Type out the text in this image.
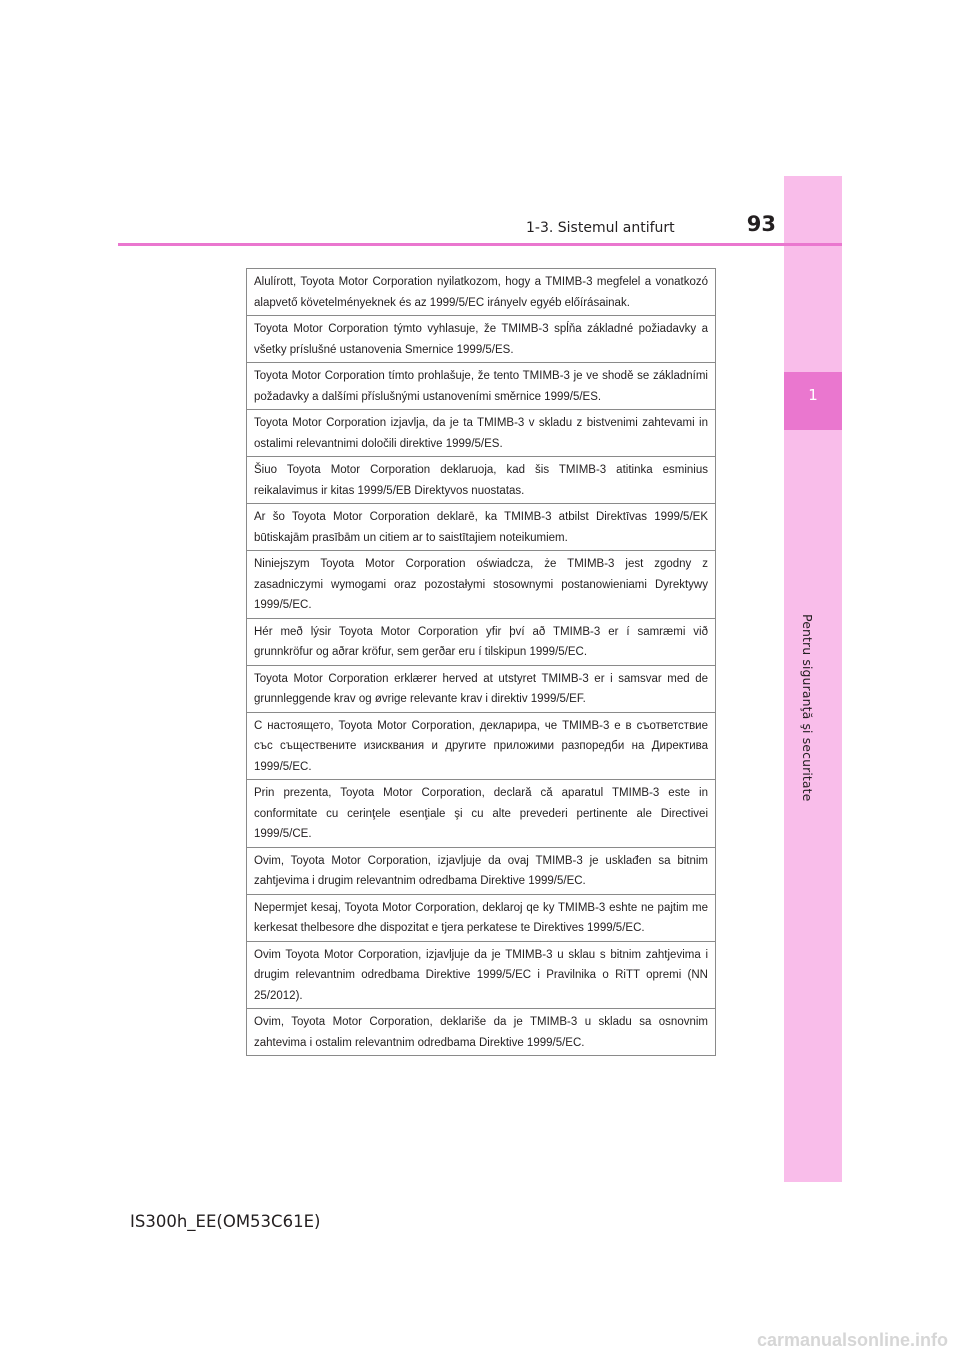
1
Pentru siguranţă şi securitate
1-3. Sistemul antifurt	93
Alulírott, Toyota Motor Corporation nyilatkozom, hogy a TMIMB-3 megfelel a vonatkozó alapvető követelményeknek és az 1999/5/EC irányelv egyéb előírásainak.
Toyota Motor Corporation týmto vyhlasuje, že TMIMB-3 spĺňa základné požiadavky a všetky príslušné ustanovenia Smernice 1999/5/ES.
Toyota Motor Corporation tímto prohlašuje, že tento TMIMB-3 je ve shodě se základními požadavky a dalšími příslušnými ustanoveními směrnice 1999/5/ES.
Toyota Motor Corporation izjavlja, da je ta TMIMB-3 v skladu z bistvenimi zahtevami in ostalimi relevantnimi določili direktive 1999/5/ES.
Šiuo Toyota Motor Corporation deklaruoja, kad šis TMIMB-3 atitinka esminius reikalavimus ir kitas 1999/5/EB Direktyvos nuostatas.
Ar šo Toyota Motor Corporation deklarē, ka TMIMB-3 atbilst Direktīvas 1999/5/EK būtiskajām prasībām un citiem ar to saistītajiem noteikumiem.
Niniejszym Toyota Motor Corporation oświadcza, że TMIMB-3 jest zgodny z zasadniczymi wymogami oraz pozostałymi stosownymi postanowieniami Dyrektywy 1999/5/EC.
Hér með lýsir Toyota Motor Corporation yfir því að TMIMB-3 er í samræmi við grunnkröfur og aðrar kröfur, sem gerðar eru í tilskipun 1999/5/EC.
Toyota Motor Corporation erklærer herved at utstyret TMIMB-3 er i samsvar med de grunnleggende krav og øvrige relevante krav i direktiv 1999/5/EF.
С настоящето, Toyota Motor Corporation, декларира, че TMIMB-3 е в съответствие със съществените изисквания и другите приложими разпоредби на Директива 1999/5/ЕС.
Prin prezenta, Toyota Motor Corporation, declară că aparatul TMIMB-3 este in conformitate cu cerinţele esenţiale şi cu alte prevederi pertinente ale Directivei 1999/5/CE.
Ovim, Toyota Motor Corporation, izjavljuje da ovaj TMIMB-3 je usklađen sa bitnim zahtjevima i drugim relevantnim odredbama Direktive 1999/5/EC.
Nepermjet kesaj, Toyota Motor Corporation, deklaroj qe ky TMIMB-3 eshte ne pajtim me kerkesat thelbesore dhe dispozitat e tjera perkatese te Direktives 1999/5/EC.
Ovim Toyota Motor Corporation, izjavljuje da je TMIMB-3 u sklau s bitnim zahtjevima i drugim relevantnim odredbama Direktive 1999/5/EC i Pravilnika o RiTT opremi (NN 25/2012).
Ovim, Toyota Motor Corporation, deklariše da je TMIMB-3 u skladu sa osnovnim zahtevima i ostalim relevantnim odredbama Direktive 1999/5/EC.
IS300h_EE(OM53C61E)
carmanualsonline.info
